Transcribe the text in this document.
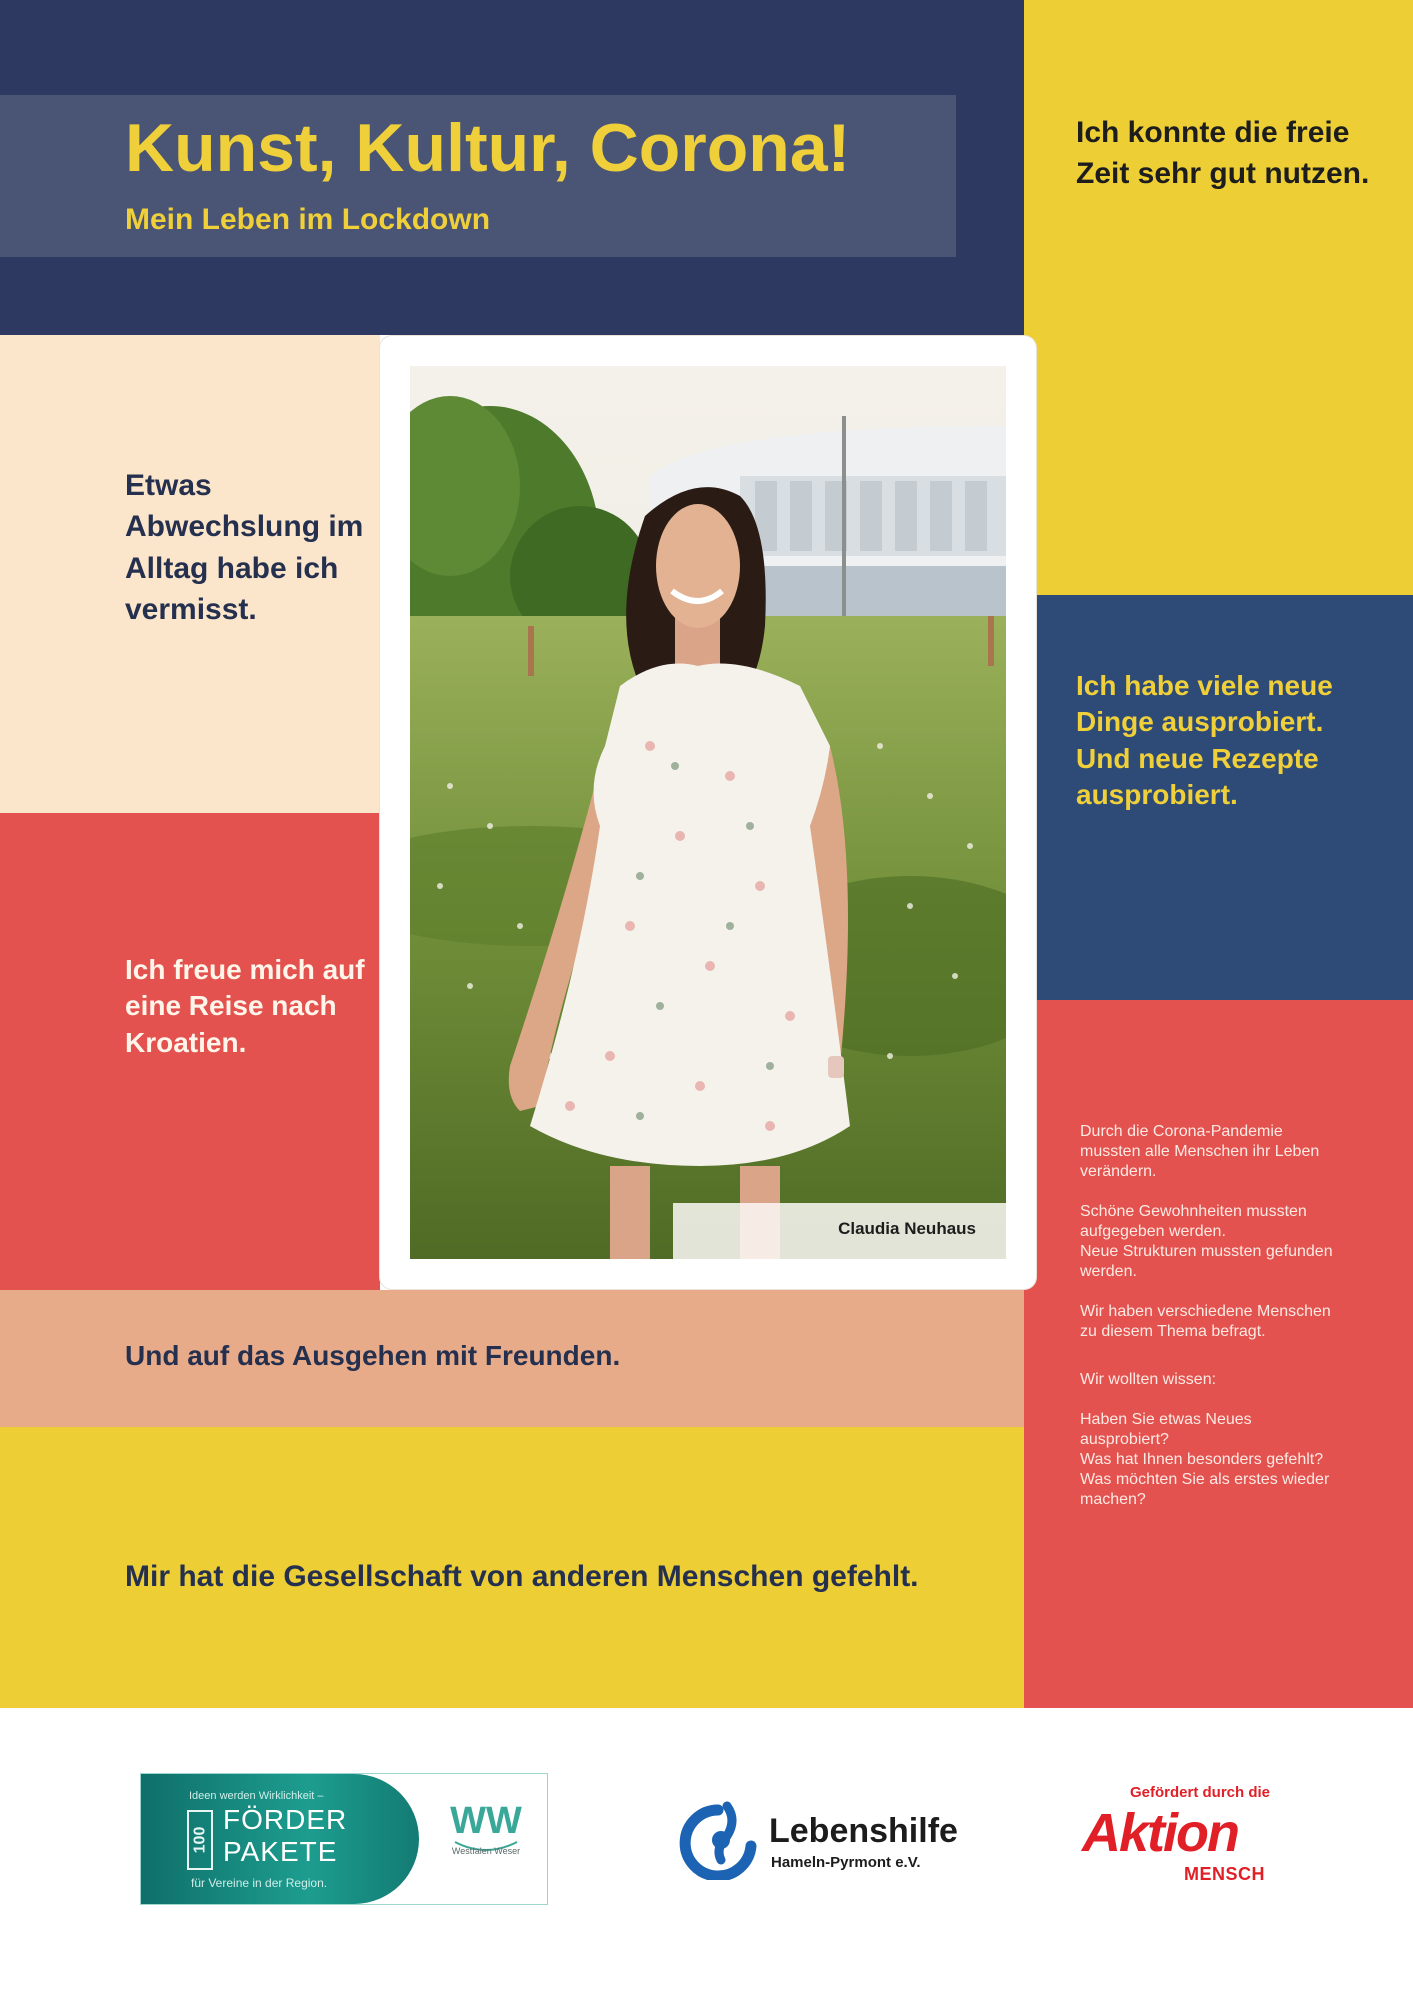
Kunst, Kultur, Corona!
Mein Leben im Lockdown
Ich konnte die freie Zeit sehr gut nutzen.
Etwas Abwechslung im Alltag habe ich vermisst.
Ich habe viele neue Dinge ausprobiert. Und neue Rezepte ausprobiert.
Ich freue mich auf eine Reise nach Kroatien.
Und auf das Ausgehen mit Freunden.
Mir hat die Gesellschaft von anderen Menschen gefehlt.

Durch die Corona-Pandemie mussten alle Menschen ihr Leben verändern.

Schöne Gewohnheiten mussten aufgegeben werden.

Neue Strukturen mussten gefunden werden.

Wir haben verschiedene Menschen zu diesem Thema befragt.

Wir wollten wissen:

Haben Sie etwas Neues ausprobiert?

Was hat Ihnen besonders gefehlt?

Was möchten Sie als erstes wieder machen?

Claudia Neuhaus
Ideen werden Wirklichkeit –
100
FÖRDER
PAKETE
für Vereine in der Region.
WW
Westfalen Weser
Lebenshilfe
Hameln-Pyrmont e.V.
Gefördert durch die
Aktion
MENSCH
